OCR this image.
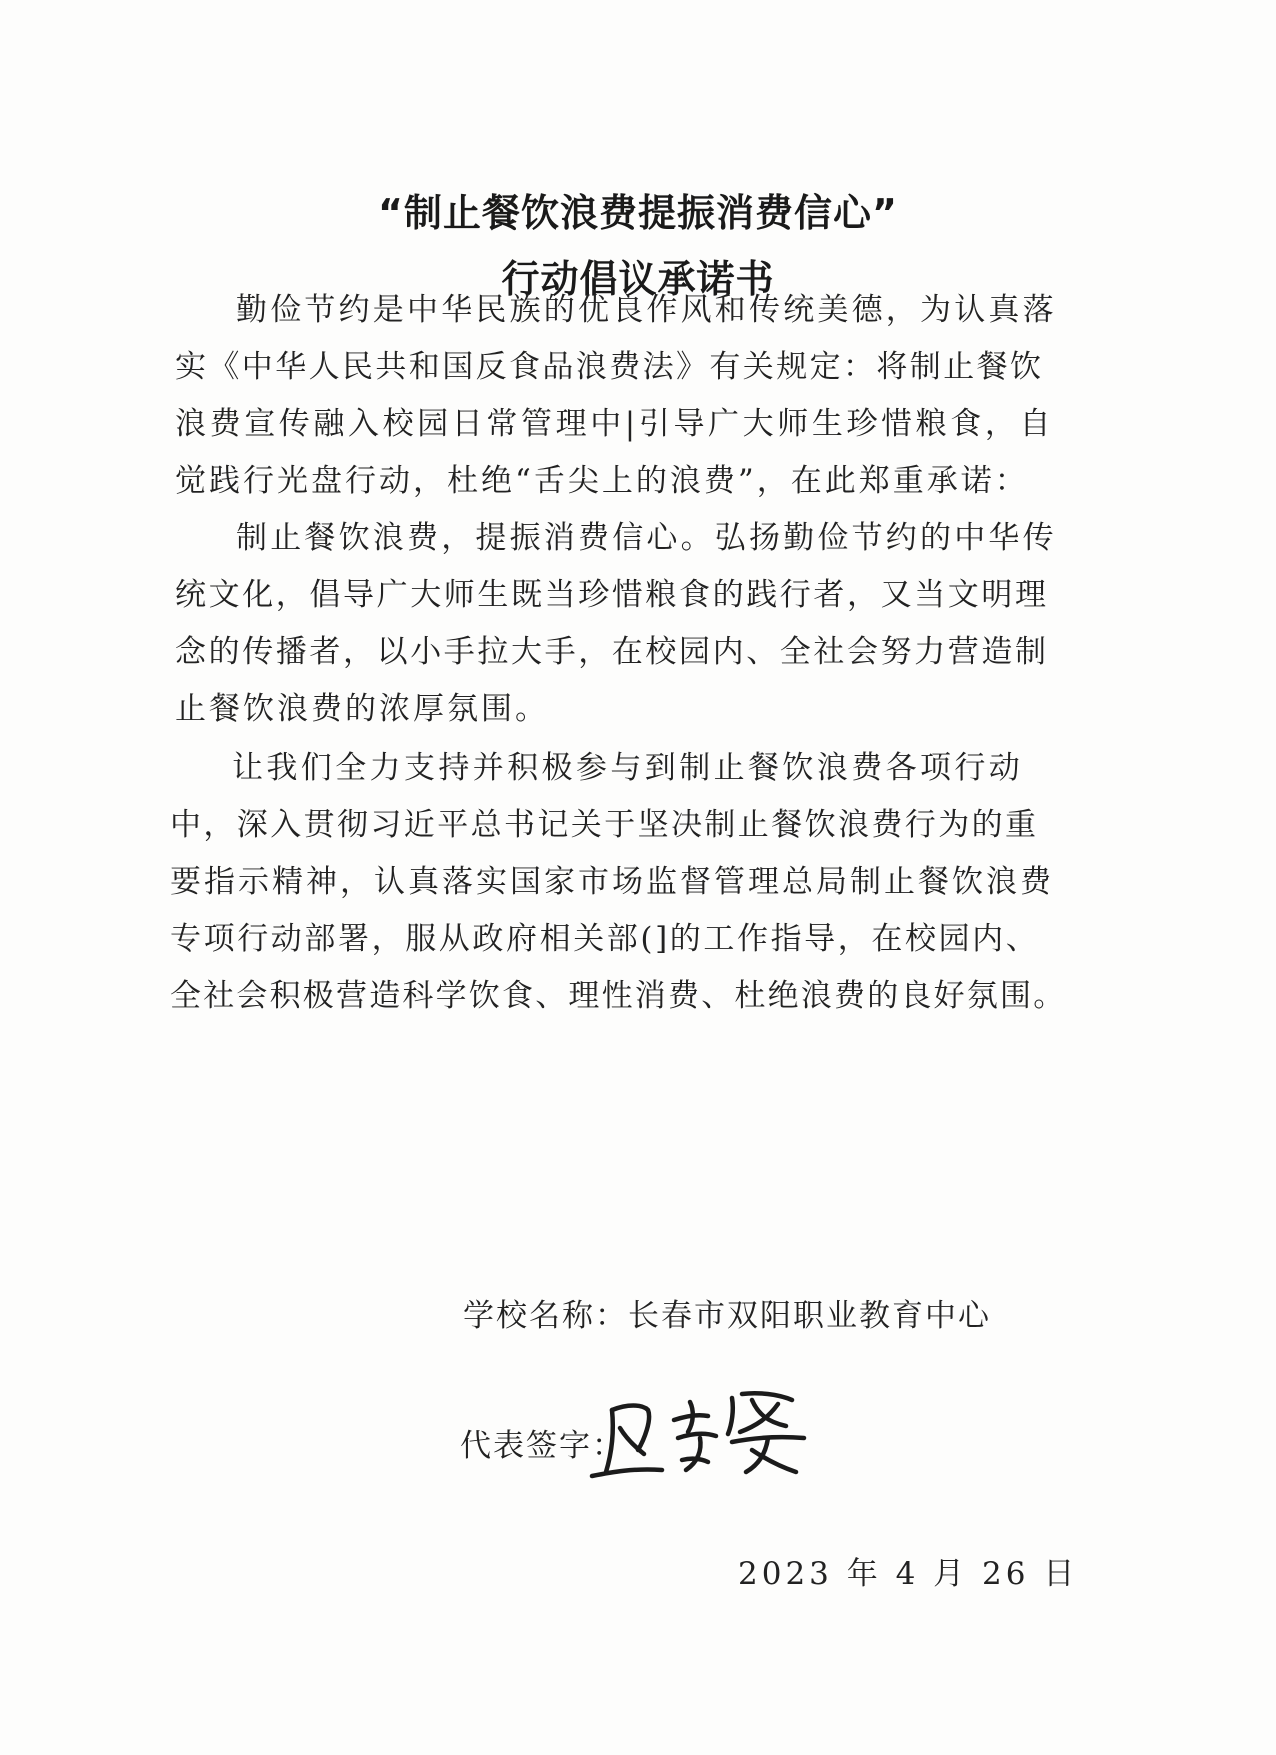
“制止餐饮浪费提振消费信心”
行动倡议承诺书
勤俭节约是中华民族的优良作风和传统美德，为认真落
实《中华人民共和国反食品浪费法》有关规定：将制止餐饮
浪费宣传融入校园日常管理中|引导广大师生珍惜粮食，自
觉践行光盘行动，杜绝“舌尖上的浪费”，在此郑重承诺：
制止餐饮浪费，提振消费信心。弘扬勤俭节约的中华传
统文化，倡导广大师生既当珍惜粮食的践行者，又当文明理
念的传播者，以小手拉大手，在校园内、全社会努力营造制
止餐饮浪费的浓厚氛围。
让我们全力支持并积极参与到制止餐饮浪费各项行动
中，深入贯彻习近平总书记关于坚决制止餐饮浪费行为的重
要指示精神，认真落实国家市场监督管理总局制止餐饮浪费
专项行动部署，服从政府相关部(]的工作指导，在校园内、
全社会积极营造科学饮食、理性消费、杜绝浪费的良好氛围。
学校名称：长春市双阳职业教育中心
代表签字：
2023 年 4 月 26 日
